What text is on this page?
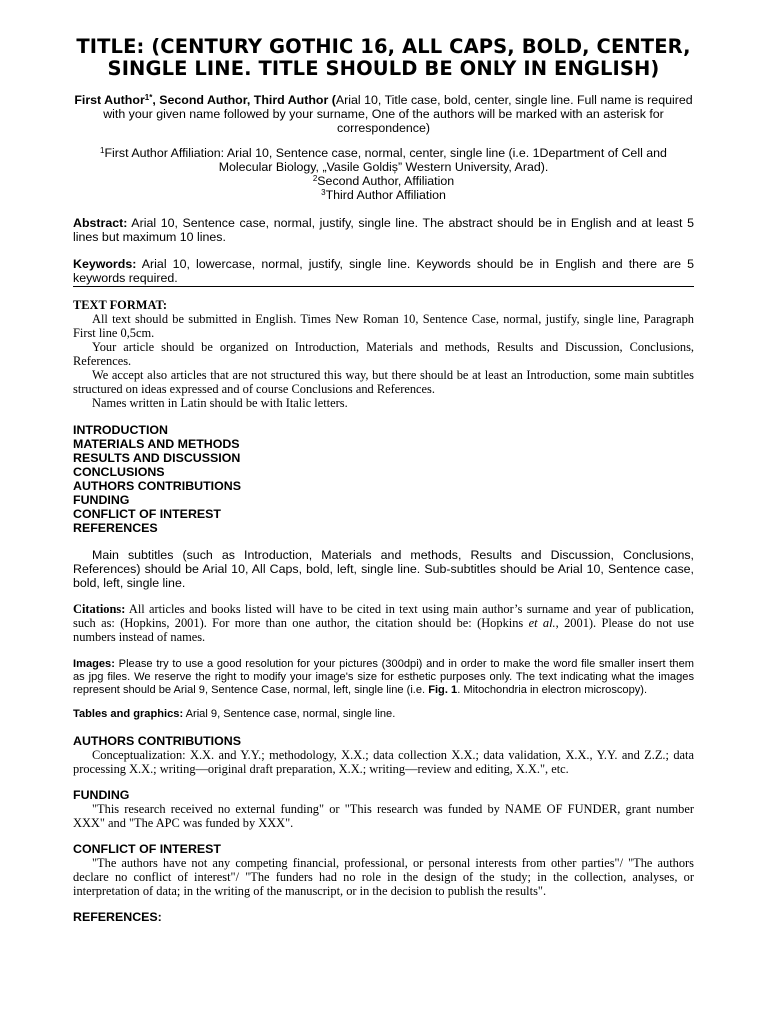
TITLE: (CENTURY GOTHIC 16, ALL CAPS, BOLD, CENTER, SINGLE LINE. TITLE SHOULD BE ONLY IN ENGLISH)

First Author$^{1*}$, Second Author, Third Author (Arial 10, Title case, bold, center, single line. Full name is required with your given name followed by your surname, One of the authors will be marked with an asterisk for correspondence)

$^1$First Author Affiliation: Arial 10, Sentence case, normal, center, single line (i.e. 1Department of Cell and Molecular Biology, „Vasile Goldiș” Western University, Arad).
$^2$Second Author, Affiliation
$^3$Third Author Affiliation

Abstract: Arial 10, Sentence case, normal, justify, single line. The abstract should be in English and at least 5 lines but maximum 10 lines.

Keywords: Arial 10, lowercase, normal, justify, single line. Keywords should be in English and there are 5 keywords required.

TEXT FORMAT:

All text should be submitted in English. Times New Roman 10, Sentence Case, normal, justify, single line, Paragraph First line 0,5cm.

Your article should be organized on Introduction, Materials and methods, Results and Discussion, Conclusions, References.

We accept also articles that are not structured this way, but there should be at least an Introduction, some main subtitles structured on ideas expressed and of course Conclusions and References.

Names written in Latin should be with Italic letters.

INTRODUCTION
MATERIALS AND METHODS
RESULTS AND DISCUSSION
CONCLUSIONS
AUTHORS CONTRIBUTIONS
FUNDING
CONFLICT OF INTEREST
REFERENCES

Main subtitles (such as Introduction, Materials and methods, Results and Discussion, Conclusions, References) should be Arial 10, All Caps, bold, left, single line. Sub-subtitles should be Arial 10, Sentence case, bold, left, single line.

Citations: All articles and books listed will have to be cited in text using main author’s surname and year of publication, such as: (Hopkins, 2001). For more than one author, the citation should be: (Hopkins et al., 2001). Please do not use numbers instead of names.

Images: Please try to use a good resolution for your pictures (300dpi) and in order to make the word file smaller insert them as jpg files. We reserve the right to modify your image's size for esthetic purposes only. The text indicating what the images represent should be Arial 9, Sentence Case, normal, left, single line (i.e. Fig. 1. Mitochondria in electron microscopy).

Tables and graphics: Arial 9, Sentence case, normal, single line.

AUTHORS CONTRIBUTIONS

Conceptualization: X.X. and Y.Y.; methodology, X.X.; data collection X.X.; data validation, X.X., Y.Y. and Z.Z.; data processing X.X.; writing—original draft preparation, X.X.; writing—review and editing, X.X.", etc.

FUNDING

"This research received no external funding" or "This research was funded by NAME OF FUNDER, grant number XXX" and "The APC was funded by XXX".

CONFLICT OF INTEREST

"The authors have not any competing financial, professional, or personal interests from other parties"/ "The authors declare no conflict of interest"/ "The funders had no role in the design of the study; in the collection, analyses, or interpretation of data; in the writing of the manuscript, or in the decision to publish the results".

REFERENCES:
